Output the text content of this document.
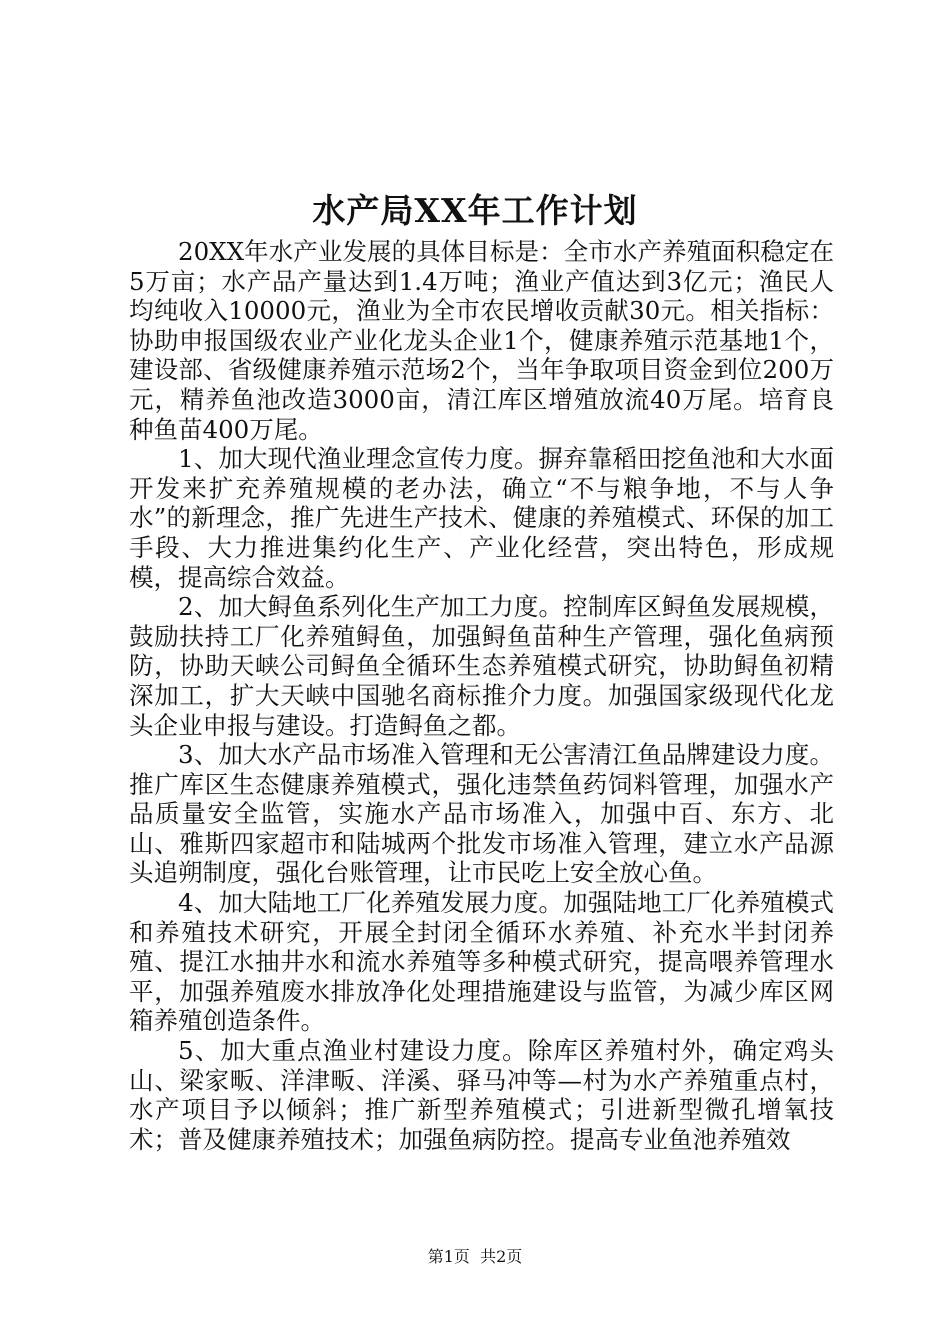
水产局XX年工作计划

20XX年水产业发展的具体目标是：全市水产养殖面积稳定在5万亩；水产品产量达到1.4万吨；渔业产值达到3亿元；渔民人均纯收入10000元，渔业为全市农民增收贡献30元。相关指标：协助申报国级农业产业化龙头企业1个，健康养殖示范基地1个，建设部、省级健康养殖示范场2个，当年争取项目资金到位200万元，精养鱼池改造3000亩，清江库区增殖放流40万尾。培育良种鱼苗400万尾。

1、加大现代渔业理念宣传力度。摒弃靠稻田挖鱼池和大水面开发来扩充养殖规模的老办法，确立“不与粮争地，不与人争水”的新理念，推广先进生产技术、健康的养殖模式、环保的加工手段、大力推进集约化生产、产业化经营，突出特色，形成规模，提高综合效益。

2、加大鲟鱼系列化生产加工力度。控制库区鲟鱼发展规模，鼓励扶持工厂化养殖鲟鱼，加强鲟鱼苗种生产管理，强化鱼病预防，协助天峡公司鲟鱼全循环生态养殖模式研究，协助鲟鱼初精深加工，扩大天峡中国驰名商标推介力度。加强国家级现代化龙头企业申报与建设。打造鲟鱼之都。

3、加大水产品市场准入管理和无公害清江鱼品牌建设力度。推广库区生态健康养殖模式，强化违禁鱼药饲料管理，加强水产品质量安全监管，实施水产品市场准入，加强中百、东方、北山、雅斯四家超市和陆城两个批发市场准入管理，建立水产品源头追朔制度，强化台账管理，让市民吃上安全放心鱼。

4、加大陆地工厂化养殖发展力度。加强陆地工厂化养殖模式和养殖技术研究，开展全封闭全循环水养殖、补充水半封闭养殖、提江水抽井水和流水养殖等多种模式研究，提高喂养管理水平，加强养殖废水排放净化处理措施建设与监管，为减少库区网箱养殖创造条件。

5、加大重点渔业村建设力度。除库区养殖村外，确定鸡头山、梁家畈、洋津畈、洋溪、驿马冲等—村为水产养殖重点村，水产项目予以倾斜；推广新型养殖模式；引进新型微孔增氧技术；普及健康养殖技术；加强鱼病防控。提高专业鱼池养殖效

第1页  共2页
